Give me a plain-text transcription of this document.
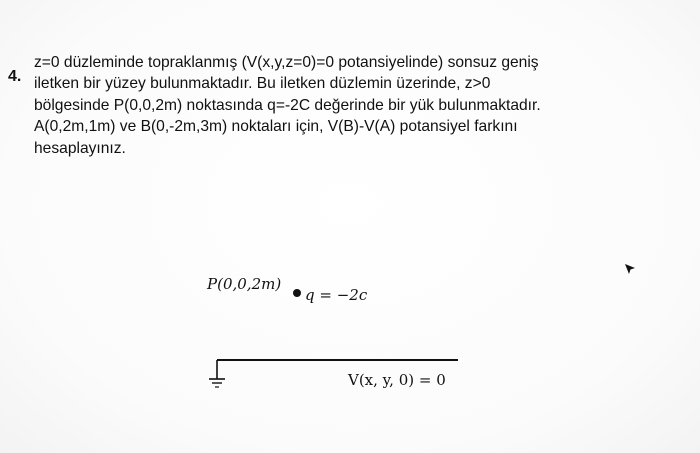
4.
z=0 düzleminde topraklanmış (V(x,y,z=0)=0 potansiyelinde) sonsuz geniş
iletken bir yüzey bulunmaktadır. Bu iletken düzlemin üzerinde, z>0
bölgesinde P(0,0,2m) noktasında q=-2C değerinde bir yük bulunmaktadır.
A(0,2m,1m) ve B(0,-2m,3m) noktaları için, V(B)-V(A) potansiyel farkını
hesaplayınız.
P(0,0,2m)
q = −2c
V(x, y, 0) = 0
